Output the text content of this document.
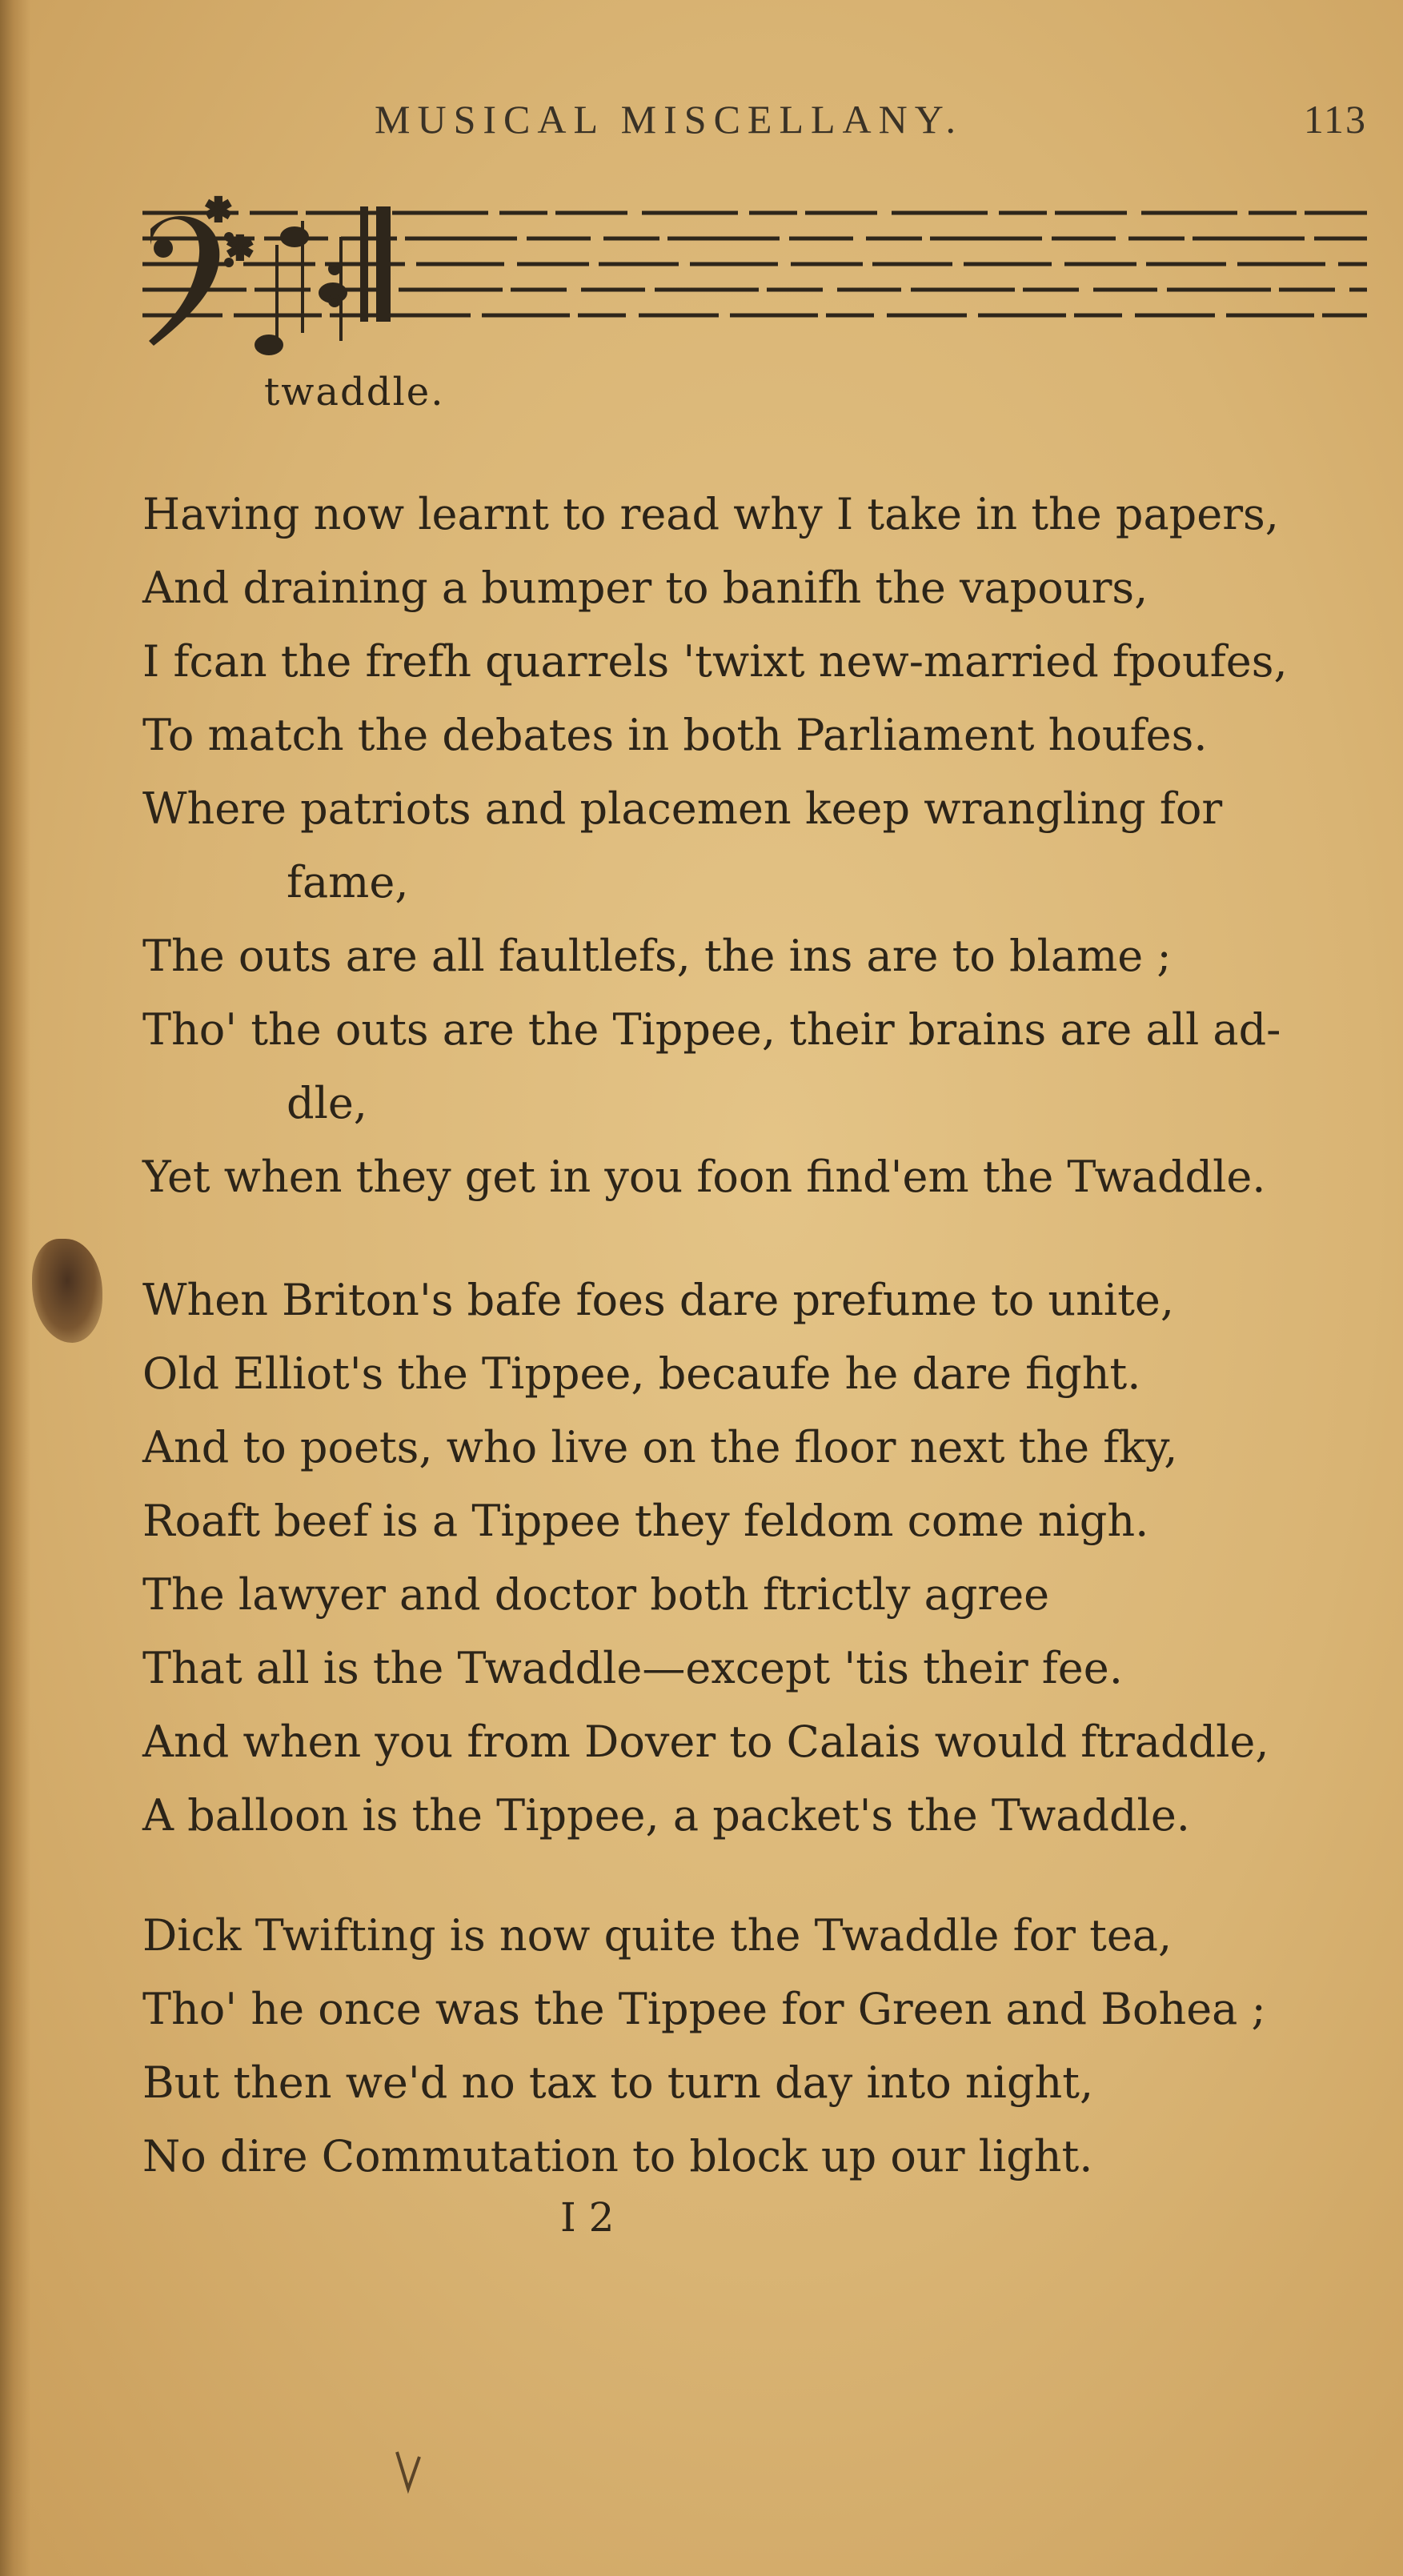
MUSICAL MISCELLANY.	113
✱
✱
twaddle.
Having now learnt to read why I take in the papers,
And draining a bumper to banifh the vapours,
I fcan the frefh quarrels 'twixt new-married fpoufes,
To match the debates in both Parliament houfes.
Where patriots and placemen keep wrangling for
fame,
The outs are all faultlefs, the ins are to blame ;
Tho' the outs are the Tippee, their brains are all ad-
dle,
Yet when they get in you foon find'em the Twaddle.
When Briton's bafe foes dare prefume to unite,
Old Elliot's the Tippee, becaufe he dare fight.
And to poets, who live on the floor next the fky,
Roaft beef is a Tippee they feldom come nigh.
The lawyer and doctor both ftrictly agree
That all is the Twaddle—except 'tis their fee.
And when you from Dover to Calais would ftraddle,
A balloon is the Tippee, a packet's the Twaddle.
Dick Twifting is now quite the Twaddle for tea,
Tho' he once was the Tippee for Green and Bohea ;
But then we'd no tax to turn day into night,
No dire Commutation to block up our light.
I 2
